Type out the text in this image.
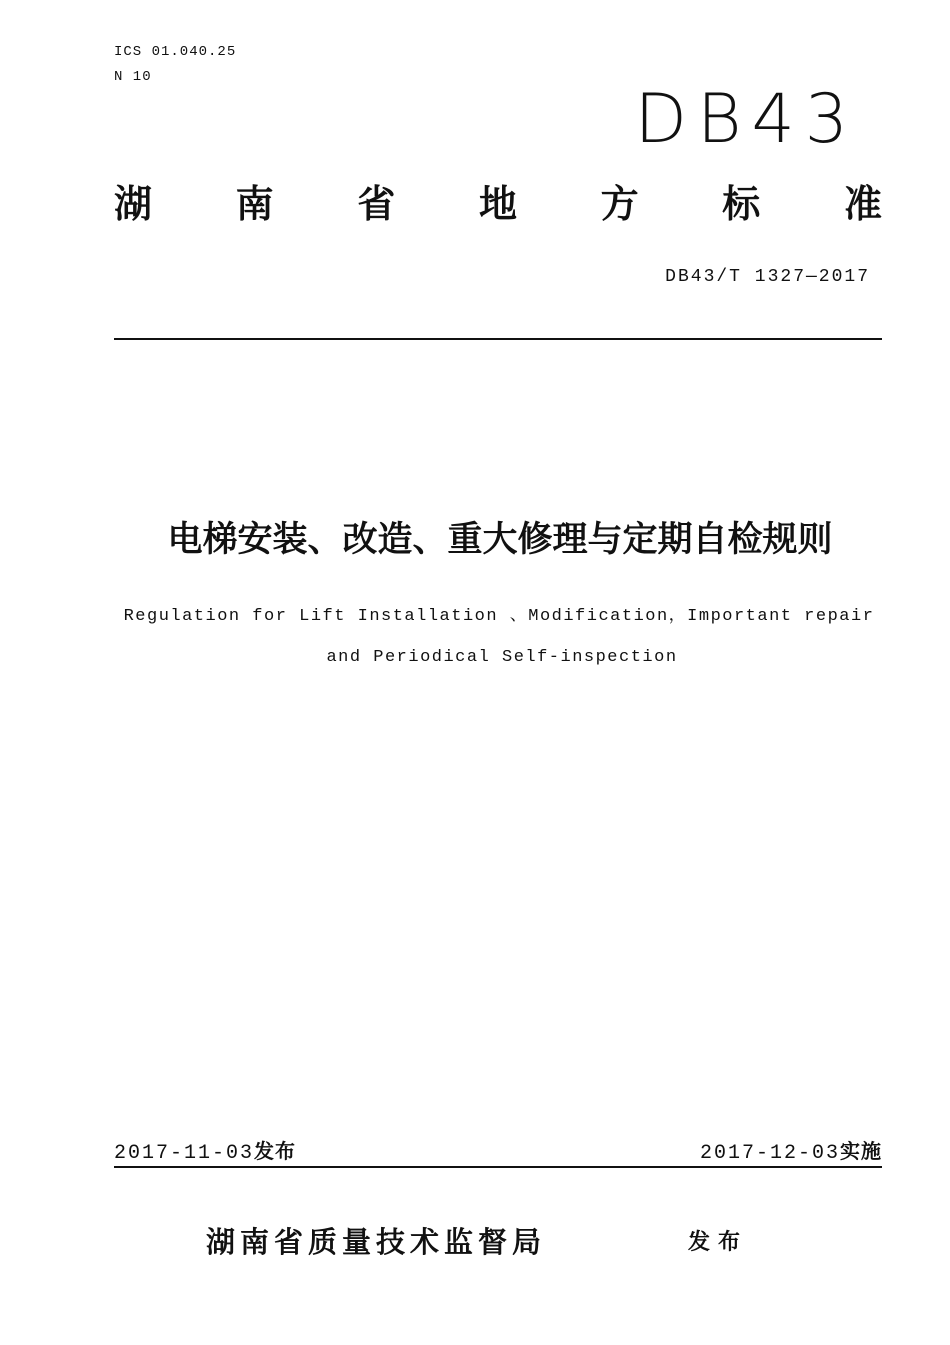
ICS 01.040.25
N 10
DB43
湖 南 省 地 方 标 准
DB43/T 1327—2017
电梯安装、改造、重大修理与定期自检规则
Regulation for Lift Installation 、Modification，Important repair
and Periodical Self-inspection
2017-11-03发布	2017-12-03实施
湖南省质量技术监督局	发布
